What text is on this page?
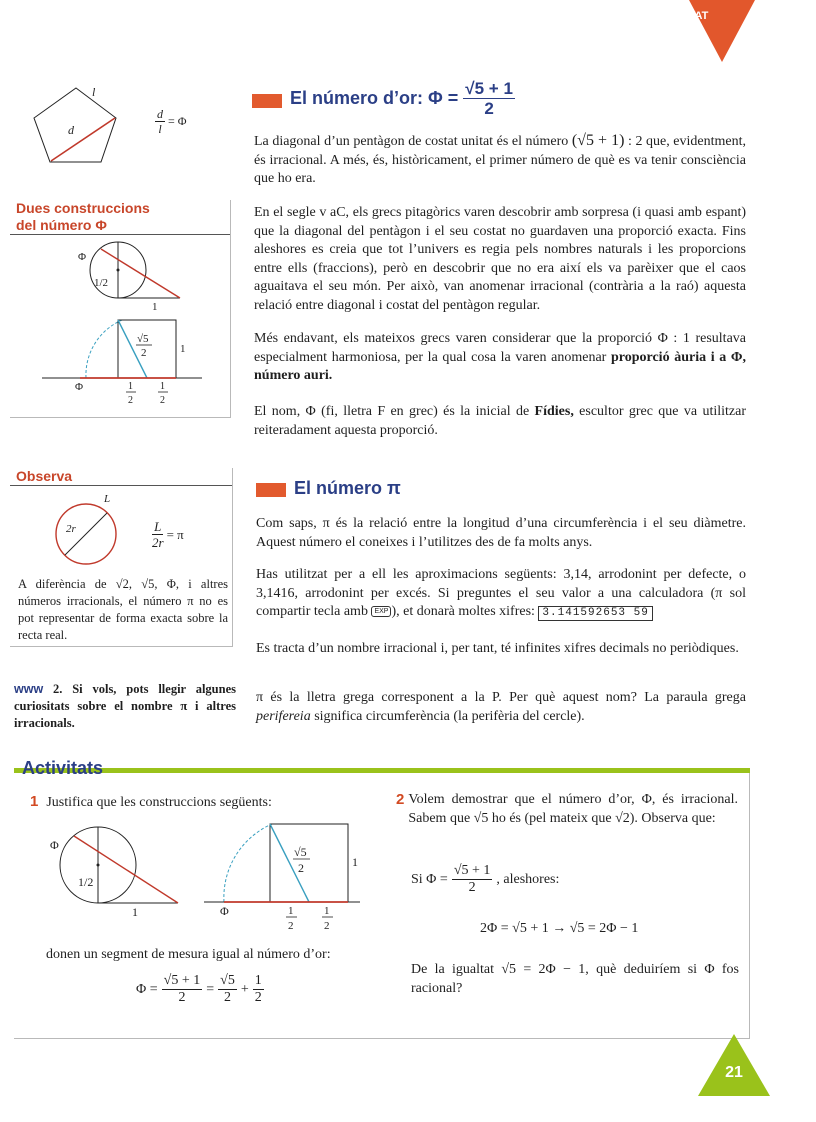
UNITAT
1
l
d	$\frac{d}{l} = \Phi$
El número d’or: $\Phi = \frac{√5 + 1}{2}$
La diagonal d’un pentàgon de costat unitat és el número (√5 + 1) : 2 que, evidentment, és irracional. A més, és, històricament, el primer número de què es va tenir consciència que ho era.
En el segle v aC, els grecs pitagòrics varen descobrir amb sorpresa (i quasi amb espant) que la diagonal del pentàgon i el seu costat no guardaven una proporció exacta. Fins aleshores es creia que tot l’univers es regia pels nombres naturals i les proporcions entre ells (fraccions), però en descobrir que no era així els va parèixer que el caos aguaitava el seu món. Per això, van anomenar irracional (contrària a la raó) aquesta relació entre diagonal i costat del pentàgon regular.
Més endavant, els mateixos grecs varen considerar que la proporció Φ : 1 resultava especialment harmoniosa, per la qual cosa la varen anomenar proporció àuria i a Φ, número auri.
El nom, Φ (fi, lletra F en grec) és la inicial de Fídies, escultor grec que va utilitzar reiteradament aquesta proporció.
Dues construccions
del número Φ
Φ
1/2
1
√5
2	1
Φ	1
2
1
2
Observa
L
2r	$\frac{L}{2r} = \pi$
A diferència de √2, √5, Φ, i altres números irracionals, el número π no es pot representar de forma exacta sobre la recta real.
www 2. Si vols, pots llegir algunes curiositats sobre el nombre π i altres irracionals.
El número π
Com saps, π és la relació entre la longitud d’una circumferència i el seu diàmetre. Aquest número el coneixes i l’utilitzes des de fa molts anys.
Has utilitzat per a ell les aproximacions següents: 3,14, arrodonint per defecte, o 3,1416, arrodonint per excés. Si preguntes el seu valor a una calculadora (π sol compartir tecla amb EXP ), et donarà moltes xifres: 3.141592653 59
Es tracta d’un nombre irracional i, per tant, té infinites xifres decimals no periòdiques.
π és la lletra grega corresponent a la P. Per què aquest nom? La paraula grega perifereia significa circumferència (la perifèria del cercle).
Activitats
1 Justifica que les construccions següents:
Φ
1/2
1
√5
2	1
Φ	1
2
1
2
donen un segment de mesura igual al número d’or:
$\Phi = \frac{√5 + 1}{2} = \frac{√5}{2} + \frac{1}{2}$
2 Volem demostrar que el número d’or, Φ, és irracional. Sabem que √5 ho és (pel mateix que √2). Observa que:
Si $\Phi = \frac{√5 + 1}{2}$ , aleshores:
2Φ = √5 + 1 → √5 = 2Φ − 1
De la igualtat √5 = 2Φ − 1, què deduiríem si Φ fos racional?
21
